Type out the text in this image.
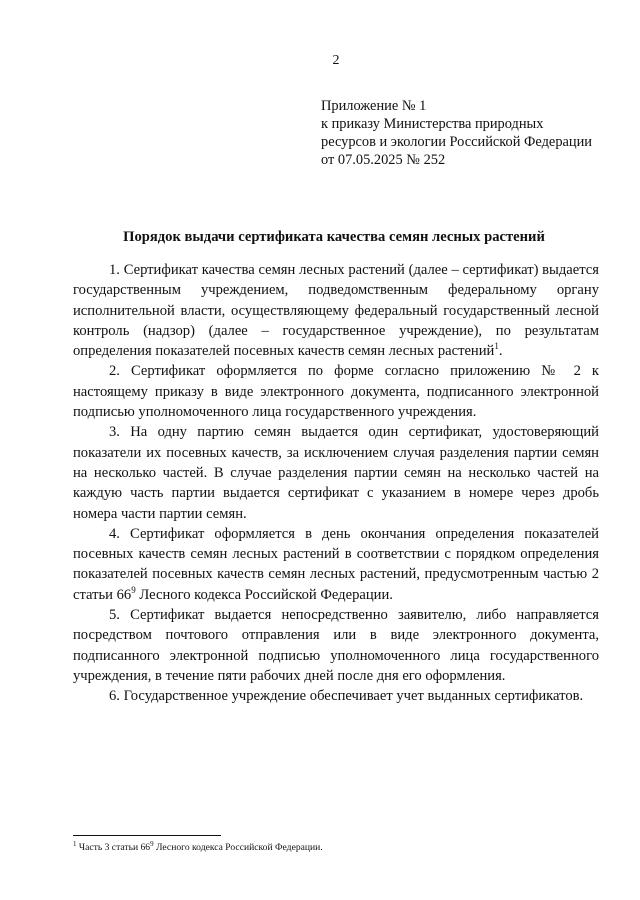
2
Приложение № 1
к приказу Министерства природных
ресурсов и экологии Российской Федерации
от 07.05.2025 № 252
Порядок выдачи сертификата качества семян лесных растений

1. Сертификат качества семян лесных растений (далее – сертификат) выдается государственным учреждением, подведомственным федеральному органу исполнительной власти, осуществляющему федеральный государственный лесной контроль (надзор) (далее – государственное учреждение), по результатам определения показателей посевных качеств семян лесных растений$^1$.

2. Сертификат оформляется по форме согласно приложению № 2 к настоящему приказу в виде электронного документа, подписанного электронной подписью уполномоченного лица государственного учреждения.

3. На одну партию семян выдается один сертификат, удостоверяющий показатели их посевных качеств, за исключением случая разделения партии семян на несколько частей. В случае разделения партии семян на несколько частей на каждую часть партии выдается сертификат с указанием в номере через дробь номера части партии семян.

4. Сертификат оформляется в день окончания определения показателей посевных качеств семян лесных растений в соответствии с порядком определения показателей посевных качеств семян лесных растений, предусмотренным частью 2 статьи $66^9$ Лесного кодекса Российской Федерации.

5. Сертификат выдается непосредственно заявителю, либо направляется посредством почтового отправления или в виде электронного документа, подписанного электронной подписью уполномоченного лица государственного учреждения, в течение пяти рабочих дней после дня его оформления.

6. Государственное учреждение обеспечивает учет выданных сертификатов.

$^1$ Часть 3 статьи $66^9$ Лесного кодекса Российской Федерации.
